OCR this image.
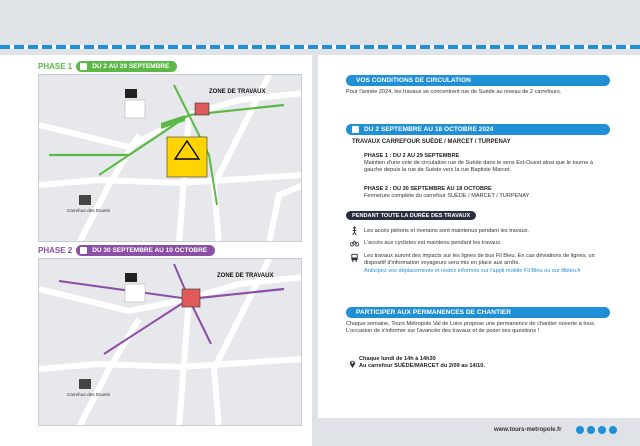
PHASE 1	DU 2 AU 29 SEPTEMBRE
ZONE DE TRAVAUX
Carrefour des Douets
PHASE 2	DU 30 SEPTEMBRE AU 10 OCTOBRE
ZONE DE TRAVAUX
Carrefour des Douets
VOS CONDITIONS DE CIRCULATION
Pour l'année 2024, les travaux se concentrent rue de Suède au niveau de 2 carrefours.
DU 2 SEPTEMBRE AU 18 OCTOBRE 2024
TRAVAUX CARREFOUR SUÈDE / MARCET / TURPENAY
PHASE 1 : DU 2 AU 29 SEPTEMBRE
Maintien d'une voie de circulation rue de Suède dans le sens Est-Ouest ainsi que le tourne à gauche depuis la rue de Suède vers la rue Baptiste Marcet.
PHASE 2 : DU 30 SEPTEMBRE AU 18 OCTOBRE
Fermeture complète du carrefour SUÈDE / MARCET / TURPENAY
PENDANT TOUTE LA DURÉE DES TRAVAUX
Les accès piétons et riverains sont maintenus pendant les travaux.
L'accès aux cyclistes est maintenu pendant les travaux.
Les travaux auront des impacts sur les lignes de bus Fil Bleu. En cas déviations de lignes, un dispositif d'information voyageurs sera mis en place aux arrêts.
Anticipez vos déplacements et restez informés sur l'appli mobile Fil Bleu ou sur filbleu.fr
PARTICIPER AUX PERMANENCES DE CHANTIER
Chaque semaine, Tours Métropole Val de Loire propose une permanence de chantier ouverte à tous. L'occasion de s'informer sur l'avancée des travaux et de poser ses questions !
Chaque lundi de 14h à 14h30
Au carrefour SUÈDE/MARCET du 2/09 au 14/10.
www.tours-metropole.fr
